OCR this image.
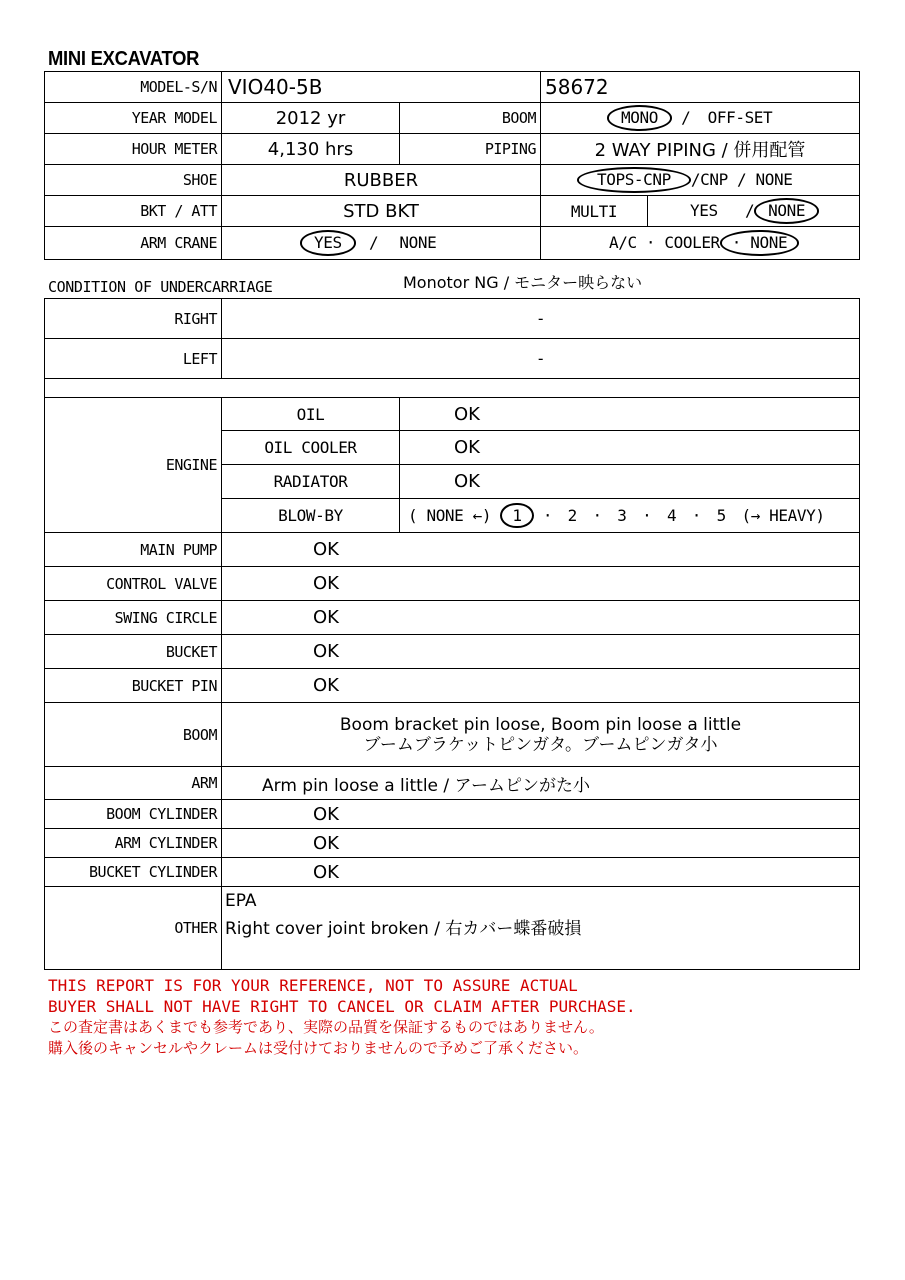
MINI EXCAVATOR
MODEL-S/N	VIO40-5B		58672	
YEAR MODEL	2012 yr	BOOM	MONO / OFF-SET	
HOUR METER	4,130 hrs	PIPING	2 WAY PIPING / 併用配管	
SHOE	RUBBER		TOPS-CNP /CNP / NONE	
BKT / ATT	STD BKT		MULTI	YES / NONE
ARM CRANE	YES / NONE		A/C · COOLER · NONE	
Monotor NG / モニター映らない
CONDITION OF UNDERCARRIAGE
RIGHT	-
LEFT	-

ENGINE	OIL	OK
	OIL COOLER	OK
	RADIATOR	OK
	BLOW-BY	( NONE ←) 1 ·　2　·　3　·　4　·　5　(→ HEAVY)
MAIN PUMP	OK	
CONTROL VALVE	OK	
SWING CIRCLE	OK	
BUCKET	OK	
BUCKET PIN	OK	
BOOM	Boom bracket pin loose, Boom pin loose a little
ブームブラケットピンガタ。ブームピンガタ小	

ARM	Arm pin loose a little / アームピンがた小	
BOOM CYLINDER	OK	
ARM CYLINDER	OK	
BUCKET CYLINDER	OK	
OTHER	EPA
Right cover joint broken / 右カバー蝶番破損	
THIS REPORT IS FOR YOUR REFERENCE, NOT TO ASSURE ACTUAL
BUYER SHALL NOT HAVE RIGHT TO CANCEL OR CLAIM AFTER PURCHASE.
この査定書はあくまでも参考であり、実際の品質を保証するものではありません。
購入後のキャンセルやクレームは受付けておりませんので予めご了承ください。
